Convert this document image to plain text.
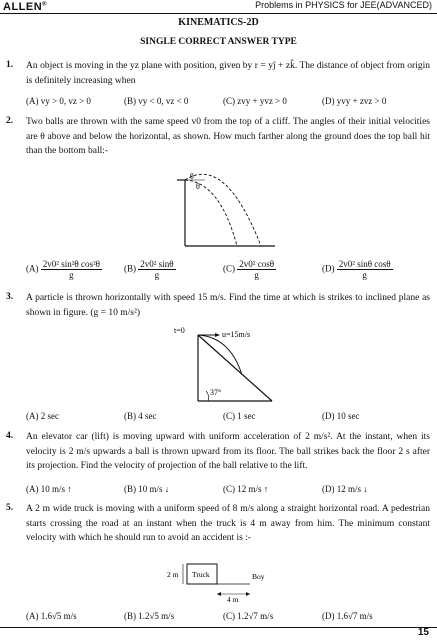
ALLEN®	Problems in PHYSICS for JEE(ADVANCED)
KINEMATICS-2D
SINGLE CORRECT ANSWER TYPE
1. An object is moving in the yz plane with position, given by r = yĵ + zk̂. The distance of object from origin is definitely increasing when
(A) vy > 0, vz > 0	(B) vy < 0, vz < 0	(C) zvy + yvz > 0	(D) yvy + zvz > 0
2. Two balls are thrown with the same speed v0 from the top of a cliff. The angles of their initial velocities are θ above and below the horizontal, as shown. How much farther along the ground does the top ball hit than the bottom ball:-
θ
θ
$(A) \frac{\text{2v0² sin²θ cos²θ}}{g} (B) \frac{\text{2v0² sinθ}}{g}$	$(C) \frac{\text{2v0² cosθ}}{g}$	$(D) \frac{\text{2v0² sinθ cosθ}}{g}$
3. A particle is thrown horizontally with speed 15 m/s. Find the time at which is strikes to inclined plane as shown in figure. (g = 10 m/s²)
t=0	u=15m/s
37°
(A) 2 sec	(B) 4 sec	(C) 1 sec	(D) 10 sec
4. An elevator car (lift) is moving upward with uniform acceleration of 2 m/s². At the instant, when its velocity is 2 m/s upwards a ball is thrown upward from its floor. The ball strikes back the floor 2 s after its projection. Find the velocity of projection of the ball relative to the lift.
(A) 10 m/s ↑	(B) 10 m/s ↓	(C) 12 m/s ↑	(D) 12 m/s ↓
5. A 2 m wide truck is moving with a uniform speed of 8 m/s along a straight horizontal road. A pedestrian starts crossing the road at an instant when the truck is 4 m away from him. The minimum constant velocity with which he should run to avoid an accident is :-
2 m Truck	Boy
4 m
(A) 1.6√5 m/s	(B) 1.2√5 m/s	(C) 1.2√7 m/s	(D) 1.6√7 m/s
15
